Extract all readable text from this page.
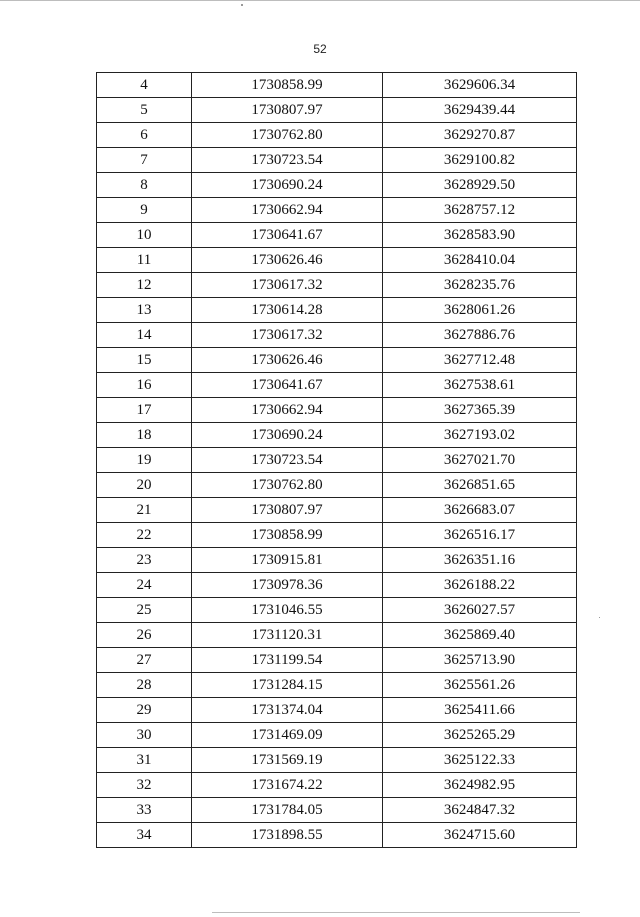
52
4	1730858.99	3629606.34
5	1730807.97	3629439.44
6	1730762.80	3629270.87
7	1730723.54	3629100.82
8	1730690.24	3628929.50
9	1730662.94	3628757.12
10	1730641.67	3628583.90
11	1730626.46	3628410.04
12	1730617.32	3628235.76
13	1730614.28	3628061.26
14	1730617.32	3627886.76
15	1730626.46	3627712.48
16	1730641.67	3627538.61
17	1730662.94	3627365.39
18	1730690.24	3627193.02
19	1730723.54	3627021.70
20	1730762.80	3626851.65
21	1730807.97	3626683.07
22	1730858.99	3626516.17
23	1730915.81	3626351.16
24	1730978.36	3626188.22
25	1731046.55	3626027.57
26	1731120.31	3625869.40
27	1731199.54	3625713.90
28	1731284.15	3625561.26
29	1731374.04	3625411.66
30	1731469.09	3625265.29
31	1731569.19	3625122.33
32	1731674.22	3624982.95
33	1731784.05	3624847.32
34	1731898.55	3624715.60
